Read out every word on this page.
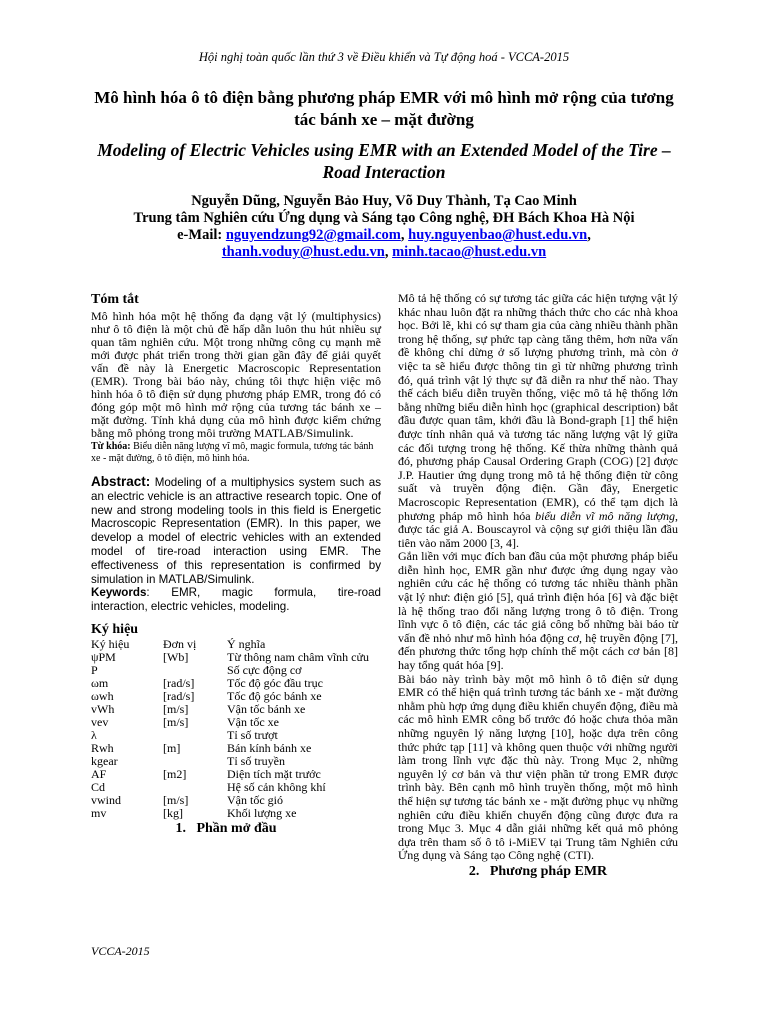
Hội nghị toàn quốc lần thứ 3 về Điều khiển và Tự động hoá - VCCA-2015
Mô hình hóa ô tô điện bằng phương pháp EMR với mô hình mở rộng của tương tác bánh xe – mặt đường
Modeling of Electric Vehicles using EMR with an Extended Model of the Tire – Road Interaction
Nguyễn Dũng, Nguyễn Bảo Huy, Võ Duy Thành, Tạ Cao Minh
Trung tâm Nghiên cứu Ứng dụng và Sáng tạo Công nghệ, ĐH Bách Khoa Hà Nội
e-Mail: nguyendzung92@gmail.com, huy.nguyenbao@hust.edu.vn,
thanh.voduy@hust.edu.vn, minh.tacao@hust.edu.vn
Tóm tắt

Mô hình hóa một hệ thống đa dạng vật lý (multiphysics) như ô tô điện là một chủ đề hấp dẫn luôn thu hút nhiều sự quan tâm nghiên cứu. Một trong những công cụ mạnh mẽ mới được phát triển trong thời gian gần đây để giải quyết vấn đề này là Energetic Macroscopic Representation (EMR). Trong bài báo này, chúng tôi thực hiện việc mô hình hóa ô tô điện sử dụng phương pháp EMR, trong đó có đóng góp một mô hình mở rộng của tương tác bánh xe – mặt đường. Tính khả dụng của mô hình được kiểm chứng bằng mô phỏng trong môi trường MATLAB/Simulink.

Từ khóa: Biểu diễn năng lượng vĩ mô, magic formula, tương tác bánh xe - mặt đường, ô tô điện, mô hình hóa.

Abstract: Modeling of a multiphysics system such as an electric vehicle is an attractive research topic. One of new and strong modeling tools in this field is Energetic Macroscopic Representation (EMR). In this paper, we develop a model of electric vehicles with an extended model of tire-road interaction using EMR. The effectiveness of this representation is confirmed by simulation in MATLAB/Simulink.

Keywords:      EMR,      magic      formula,      tire-road interaction, electric vehicles, modeling.

Ký hiệu
Ký hiệu	Đơn vị	Ý nghĩa
ψPM	[Wb]	Từ thông nam châm vĩnh cửu
P		Số cực động cơ
ωm	[rad/s]	Tốc độ góc đầu trục
ωwh	[rad/s]	Tốc độ góc bánh xe
vWh	[m/s]	Vận tốc bánh xe
vev	[m/s]	Vận tốc xe
λ		Tỉ số trượt
Rwh	[m]	Bán kính bánh xe
kgear		Tỉ số truyền
AF	[m2]	Diện tích mặt trước
Cd		Hệ số cản không khí
vwind	[m/s]	Vận tốc gió
mv	[kg]	Khối lượng xe
1.   Phần mở đầu

Mô tả hệ thống có sự tương tác giữa các hiện tượng vật lý khác nhau luôn đặt ra những thách thức cho các nhà khoa học. Bởi lẽ, khi có sự tham gia của càng nhiều thành phần trong hệ thống, sự phức tạp càng tăng thêm, hơn nữa vấn đề không chỉ dừng ở số lượng phương trình, mà còn ở việc ta sẽ hiểu được thông tin gì từ những phương trình đó, quá trình vật lý thực sự đã diễn ra như thế nào. Thay thế cách biểu diễn truyền thống, việc mô tả hệ thống lớn bằng những biểu diễn hình học (graphical description) bắt đầu được quan tâm, khởi đầu là Bond-graph [1] thể hiện được tính nhân quả và tương tác năng lượng vật lý giữa các đối tượng trong hệ thống. Kế thừa những thành quả đó, phương pháp Causal Ordering Graph (COG) [2] được J.P. Hautier ứng dụng trong mô tả hệ thống điện từ công suất và truyền động điện. Gần đây, Energetic Macroscopic Representation (EMR), có thể tạm dịch là phương pháp mô hình hóa biểu diễn vĩ mô năng lượng, được tác giả A. Bouscayrol và cộng sự giới thiệu lần đầu tiên vào năm 2000 [3, 4].

Gắn liền với mục đích ban đầu của một phương pháp biểu diễn hình học, EMR gần như được ứng dụng ngay vào nghiên cứu các hệ thống có tương tác nhiều thành phần vật lý như: điện gió [5], quá trình điện hóa [6] và đặc biệt là hệ thống trao đổi năng lượng trong ô tô điện. Trong lĩnh vực ô tô điện, các tác giả công bố những bài báo từ vấn đề nhỏ như mô hình hóa động cơ, hệ truyền động [7], đến phương thức tổng hợp chính thể một cách cơ bản [8] hay tổng quát hóa [9].

Bài báo này trình bày một mô hình ô tô điện sử dụng EMR có thể hiện quá trình tương tác bánh xe - mặt đường nhằm phù hợp ứng dụng điều khiển chuyển động, điều mà các mô hình EMR công bố trước đó hoặc chưa thỏa mãn những nguyên lý năng lượng [10], hoặc dựa trên công thức phức tạp [11] và không quen thuộc với những người làm trong lĩnh vực đặc thù này. Trong Mục 2, những nguyên lý cơ bản và thư viện phần tử trong EMR được trình bày. Bên cạnh mô hình truyền thống, một mô hình thể hiện sự tương tác bánh xe - mặt đường phục vụ những nghiên cứu điều khiển chuyển động cũng được đưa ra trong Mục 3. Mục 4 dẫn giải những kết quả mô phỏng dựa trên tham số ô tô i-MiEV tại Trung tâm Nghiên cứu Ứng dụng và Sáng tạo Công nghệ (CTI).

2.   Phương pháp EMR
VCCA-2015
